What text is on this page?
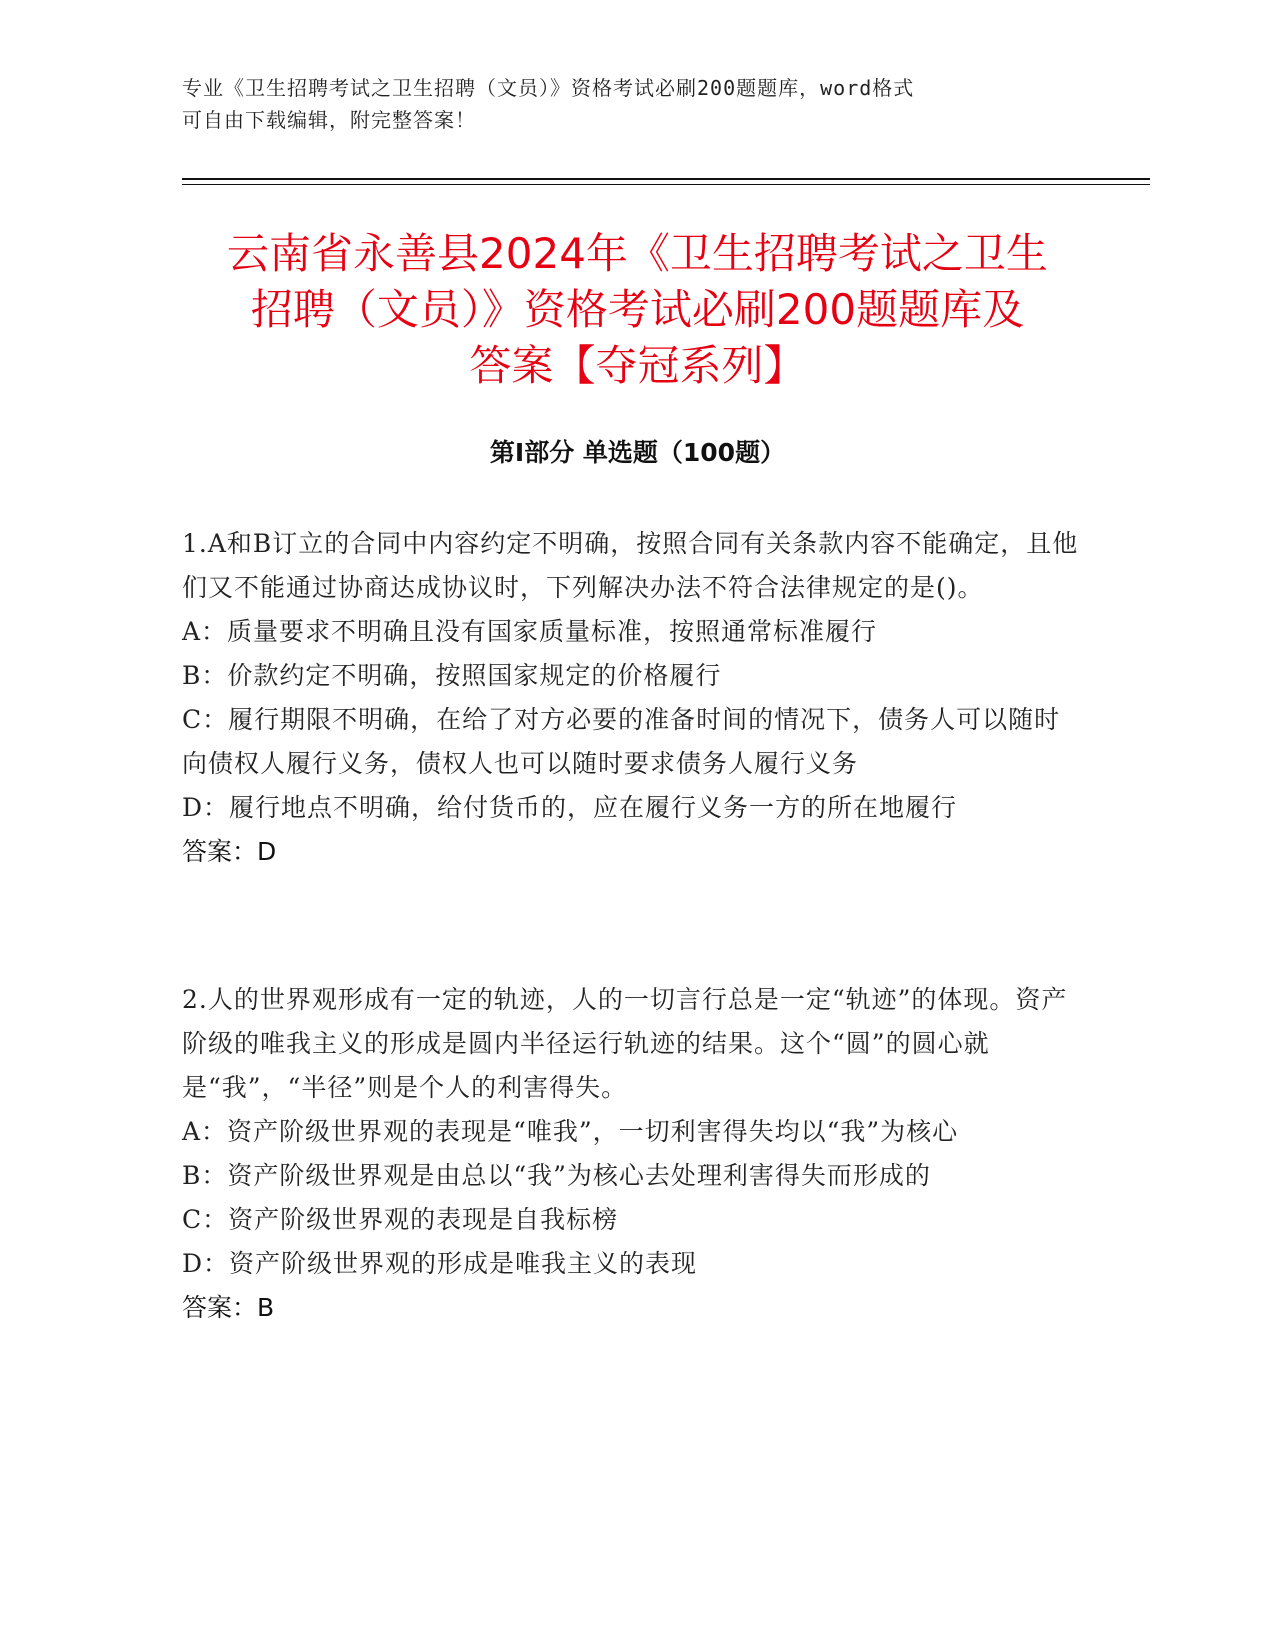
专业《卫生招聘考试之卫生招聘（文员）》资格考试必刷200题题库，word格式
可自由下载编辑，附完整答案！
云南省永善县2024年《卫生招聘考试之卫生
招聘（文员）》资格考试必刷200题题库及
答案【夺冠系列】
第Ⅰ部分 单选题（100题）

1.A和B订立的合同中内容约定不明确，按照合同有关条款内容不能确定，且他们又不能通过协商达成协议时，下列解决办法不符合法律规定的是()。

A：质量要求不明确且没有国家质量标准，按照通常标准履行

B：价款约定不明确，按照国家规定的价格履行

C：履行期限不明确，在给了对方必要的准备时间的情况下，债务人可以随时向债权人履行义务，债权人也可以随时要求债务人履行义务

D：履行地点不明确，给付货币的，应在履行义务一方的所在地履行

答案：D

2.人的世界观形成有一定的轨迹，人的一切言行总是一定“轨迹”的体现。资产阶级的唯我主义的形成是圆内半径运行轨迹的结果。这个“圆”的圆心就是“我”，“半径”则是个人的利害得失。

A：资产阶级世界观的表现是“唯我”，一切利害得失均以“我”为核心

B：资产阶级世界观是由总以“我”为核心去处理利害得失而形成的

C：资产阶级世界观的表现是自我标榜

D：资产阶级世界观的形成是唯我主义的表现

答案：B
